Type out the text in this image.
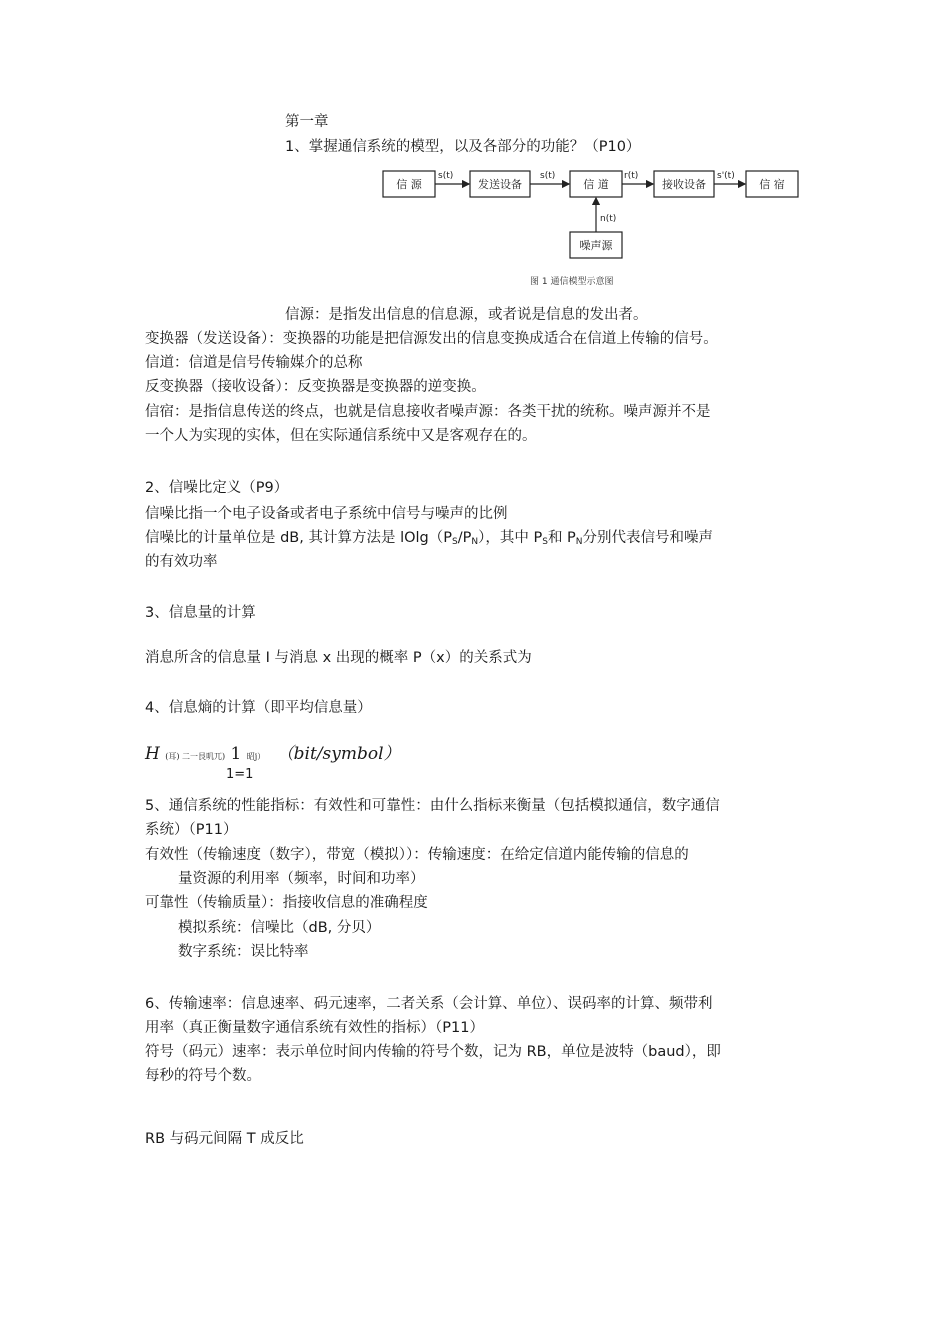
第一章
1、掌握通信系统的模型，以及各部分的功能？（P10）
信 源	发送设备	信 道	接收设备	信 宿
噪声源
s(t)	s(t)	r(t)	s'(t)
n(t)
图 1 通信模型示意图
信源：是指发出信息的信息源，或者说是信息的发出者。
变换器（发送设备）：变换器的功能是把信源发出的信息变换成适合在信道上传输的信号。
信道：信道是信号传输媒介的总称
反变换器（接收设备）：反变换器是变换器的逆变换。
信宿：是指信息传送的终点，也就是信息接收者噪声源：各类干扰的统称。噪声源并不是
一个人为实现的实体，但在实际通信系统中又是客观存在的。
2、信噪比定义（P9）
信噪比指一个电子设备或者电子系统中信号与噪声的比例
信噪比的计量单位是 dB, 其计算方法是 $lOlg(P_S/P_N)$，其中 $P_S$和 $P_N$分别代表信号和噪声
的有效功率
3、信息量的计算
消息所含的信息量 I 与消息 x 出现的概率 P（x）的关系式为
4、信息熵的计算（即平均信息量）
H (耳) 二一艮叽兀) 1 昭j） （bit/symbol）
1=1
5、通信系统的性能指标：有效性和可靠性：由什么指标来衡量（包括模拟通信，数字通信
系统）（P11）
有效性（传输速度（数字），带宽（模拟））：传输速度：在给定信道内能传输的信息的
量资源的利用率（频率，时间和功率）
可靠性（传输质量）：指接收信息的准确程度
模拟系统：信噪比（dB, 分贝）
数字系统：误比特率
6、传输速率：信息速率、码元速率，二者关系（会计算、单位）、误码率的计算、频带利
用率（真正衡量数字通信系统有效性的指标）（P11）
符号（码元）速率：表示单位时间内传输的符号个数，记为 RB，单位是波特（baud），即
每秒的符号个数。
RB 与码元间隔 T 成反比
